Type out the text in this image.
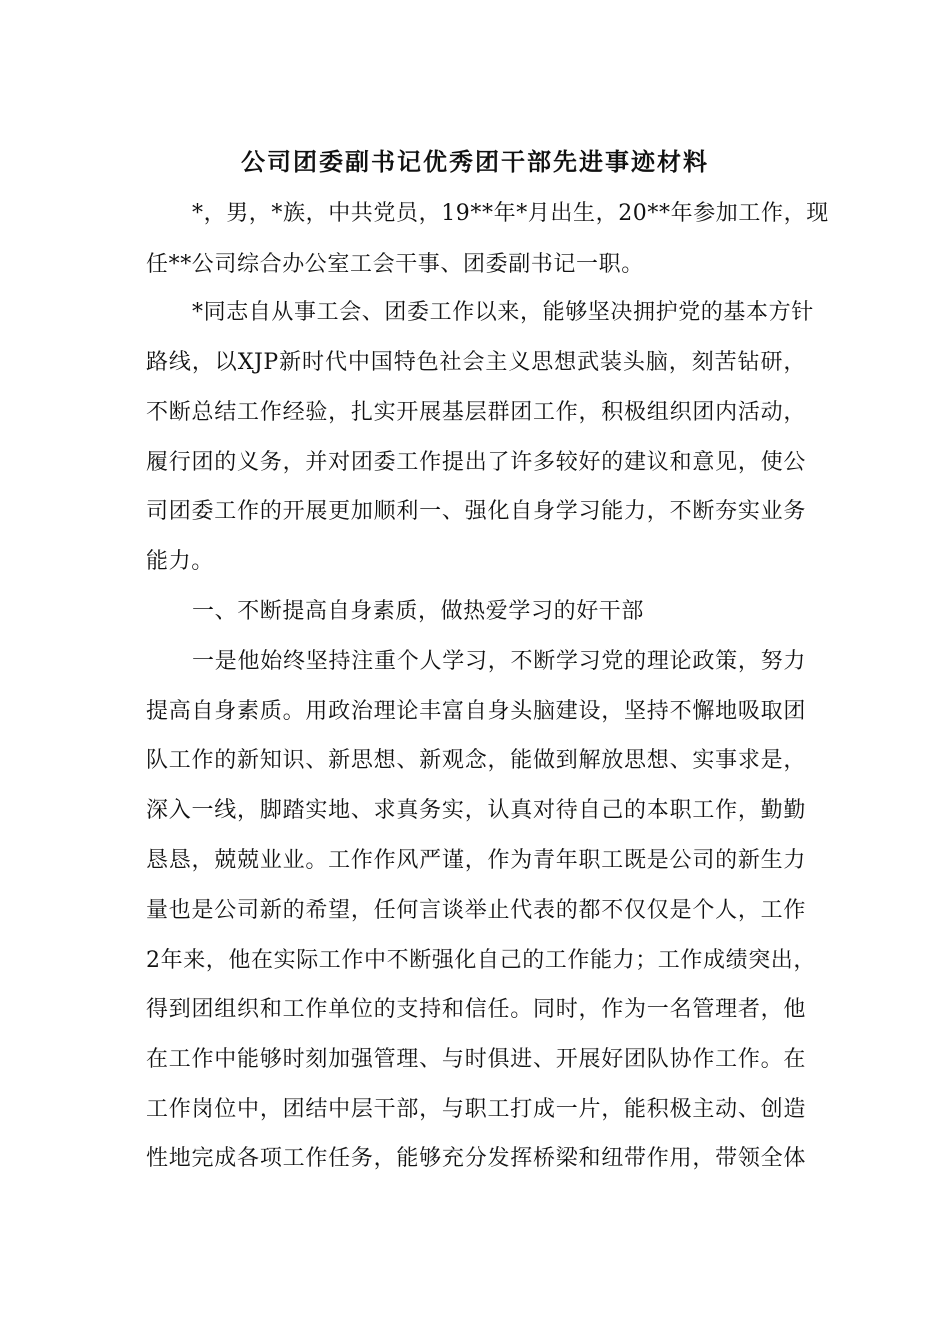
公司团委副书记优秀团干部先进事迹材料

*，男，*族，中共党员，19**年*月出生，20**年参加工作，现

任**公司综合办公室工会干事、团委副书记一职。

*同志自从事工会、团委工作以来，能够坚决拥护党的基本方针

路线，以XJP新时代中国特色社会主义思想武装头脑，刻苦钻研，

不断总结工作经验，扎实开展基层群团工作，积极组织团内活动，

履行团的义务，并对团委工作提出了许多较好的建议和意见，使公

司团委工作的开展更加顺利一、强化自身学习能力，不断夯实业务

能力。

一、不断提高自身素质，做热爱学习的好干部

一是他始终坚持注重个人学习，不断学习党的理论政策，努力

提高自身素质。用政治理论丰富自身头脑建设，坚持不懈地吸取团

队工作的新知识、新思想、新观念，能做到解放思想、实事求是，

深入一线，脚踏实地、求真务实，认真对待自己的本职工作，勤勤

恳恳，兢兢业业。工作作风严谨，作为青年职工既是公司的新生力

量也是公司新的希望，任何言谈举止代表的都不仅仅是个人，工作

2年来，他在实际工作中不断强化自己的工作能力；工作成绩突出，

得到团组织和工作单位的支持和信任。同时，作为一名管理者，他

在工作中能够时刻加强管理、与时俱进、开展好团队协作工作。在

工作岗位中，团结中层干部，与职工打成一片，能积极主动、创造

性地完成各项工作任务，能够充分发挥桥梁和纽带作用，带领全体
